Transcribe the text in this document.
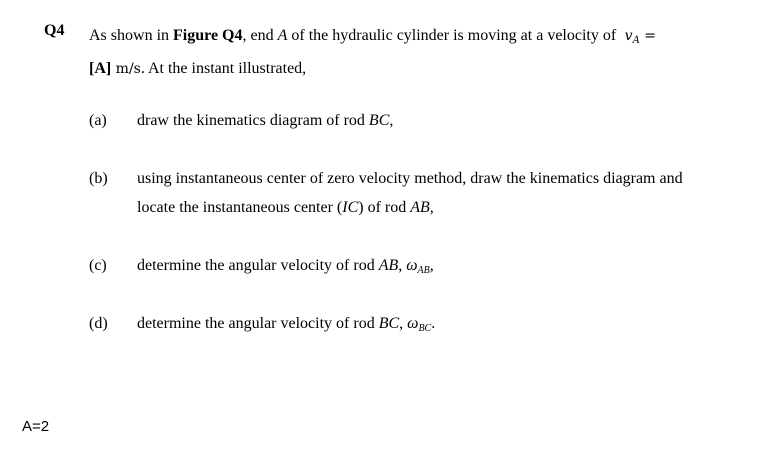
Q4 As shown in Figure Q4, end A of the hydraulic cylinder is moving at a velocity of  $v_A$ =
[A] m/s. At the instant illustrated,
(a)	draw the kinematics diagram of rod BC,
(b)	using instantaneous center of zero velocity method, draw the kinematics diagram and
locate the instantaneous center (IC) of rod AB,
(c)	determine the angular velocity of rod AB, $\omega_{AB}$,
(d)	determine the angular velocity of rod BC, $\omega_{BC}$.
A=2
